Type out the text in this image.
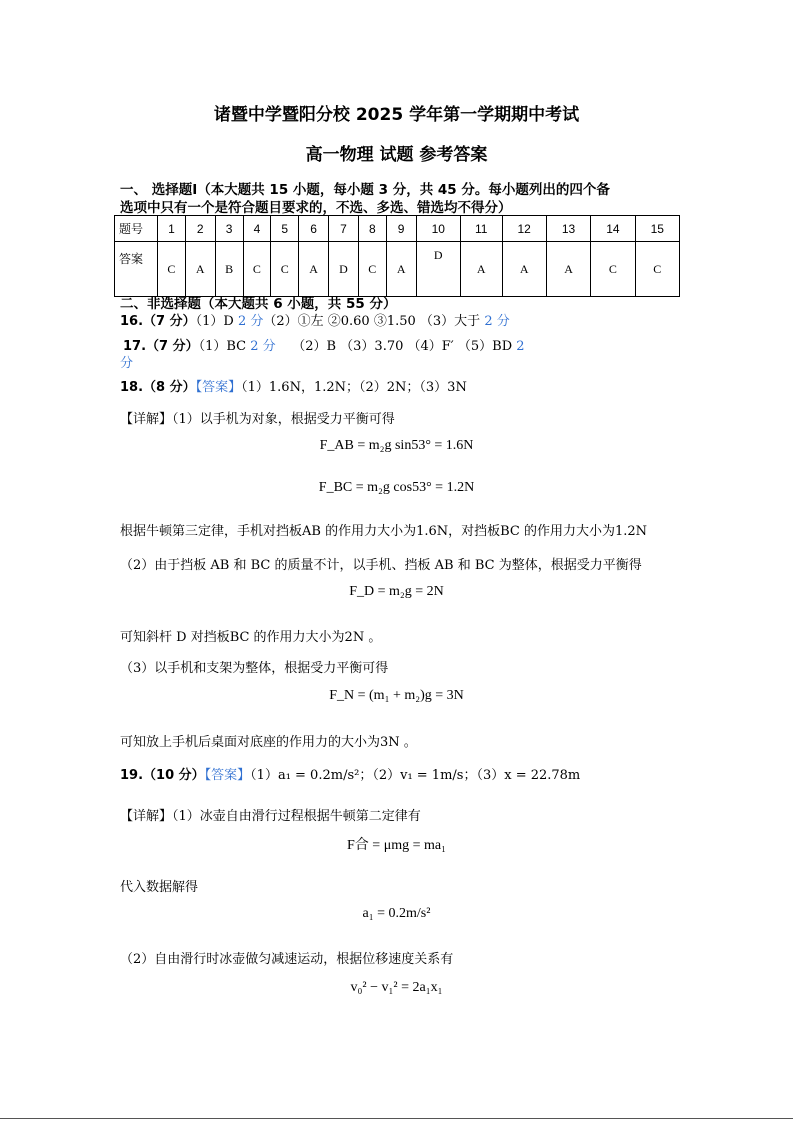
诸暨中学暨阳分校 2025 学年第一学期期中考试
高一物理 试题 参考答案
一、 选择题Ⅰ（本大题共 15 小题，每小题 3 分，共 45 分。每小题列出的四个备
选项中只有一个是符合题目要求的，不选、多选、错选均不得分）
题号	1	2	3	4	5	6	7	8	9	10	11	12	13	14	15
答案	C	A	B	C	C	A	D	C	A	D	A	A	A	C	C
二、非选择题（本大题共 6 小题，共 55 分）
16.（7 分）（1）D 2 分（2）①左 ②0.60 ③1.50 （3）大于 2 分
17.（7 分）（1）BC 2 分 （2）B （3）3.70 （4）F′ （5）BD 2
分
18.（8 分）【答案】（1）1.6N，1.2N；（2）2N；（3）3N
【详解】（1）以手机为对象，根据受力平衡可得
F_AB = m₂g sin53° = 1.6N
F_BC = m₂g cos53° = 1.2N
根据牛顿第三定律，手机对挡板AB 的作用力大小为1.6N，对挡板BC 的作用力大小为1.2N
（2）由于挡板 AB 和 BC 的质量不计，以手机、挡板 AB 和 BC 为整体，根据受力平衡得
F_D = m₂g = 2N
可知斜杆 D 对挡板BC 的作用力大小为2N 。
（3）以手机和支架为整体，根据受力平衡可得
F_N = (m₁ + m₂)g = 3N
可知放上手机后桌面对底座的作用力的大小为3N 。
19.（10 分）【答案】（1）a₁ = 0.2m/s²；（2）v₁ = 1m/s；（3）x = 22.78m
【详解】（1）冰壶自由滑行过程根据牛顿第二定律有
F合 = μmg = ma₁
代入数据解得
a₁ = 0.2m/s²
（2）自由滑行时冰壶做匀减速运动，根据位移速度关系有
v₀² − v₁² = 2a₁x₁
